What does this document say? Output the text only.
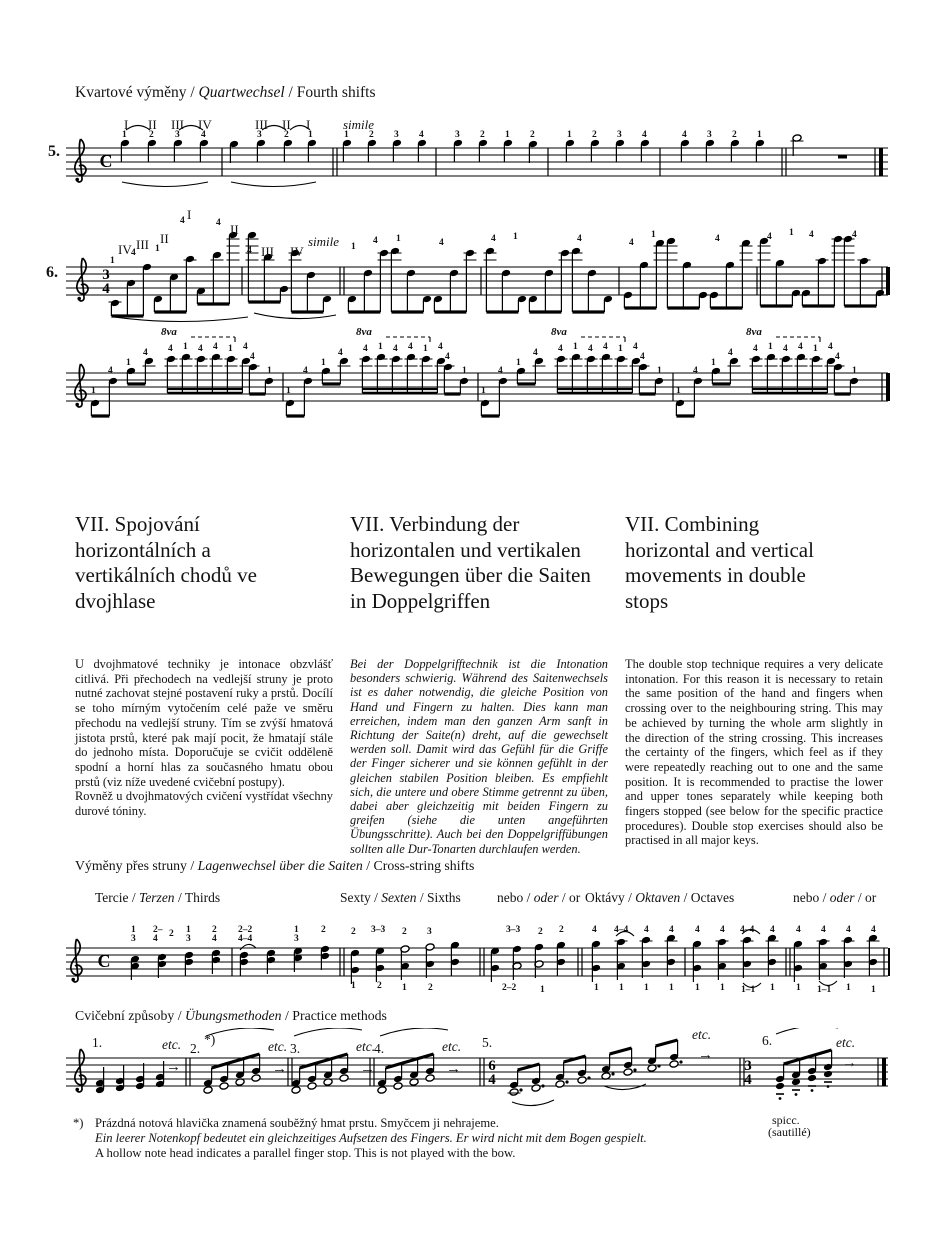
Kvartové výměny / Quartwechsel / Fourth shifts
C
5.
I II III IV	III II I	simile
1 2 3 4	3 2 1	1 2 3 4	3 2 1 2	1 2 3 4	4 3 2 1
3
4
6.
IV III II
I
1
4 1
4	4 II
4 III IV
simile 1
4 1	4	4 1	4	4
1	4	4 1 4	4
1
4
1
4 4 1 4 4 1 4
4
1
8va
1
4
1
4 4 1 4 4 1 4
4
1
8va
1
4
1
4 4 1 4 4 1 4
4
1
8va
1
4
1
4 4 1 4 4 1 4
4
1
8va
VII. Spojování horizontálních a vertikálních chodů ve dvojhlase

U dvojhmatové techniky je intonace obzvlášť citlivá. Při přechodech na vedlejší struny je proto nutné zachovat stejné postavení ruky a prstů. Docílí se toho mírným vytočením celé paže ve směru přechodu na vedlejší struny. Tím se zvýší hmatová jistota prstů, které pak mají pocit, že hmatají stále do jednoho místa. Doporučuje se cvičit odděleně spodní a horní hlas za současného hmatu obou prstů (viz níže uvedené cvičební postupy).

Rovněž u dvojhmatových cvičení vystřídat všechny durové tóniny.

VII. Verbindung der horizontalen und vertikalen Bewegungen über die Saiten in Doppelgriffen

Bei der Doppelgrifftechnik ist die Intonation besonders schwierig. Während des Saitenwechsels ist es daher notwendig, die gleiche Position von Hand und Fingern zu halten. Dies kann man erreichen, indem man den ganzen Arm sanft in Richtung der Saite(n) dreht, auf die gewechselt werden soll. Damit wird das Gefühl für die Griffe der Finger sicherer und sie können gefühlt in der gleichen stabilen Position bleiben. Es empfiehlt sich, die untere und obere Stimme getrennt zu üben, dabei aber gleichzeitig mit beiden Fingern zu greifen (siehe die unten angeführten Übungsschritte). Auch bei den Doppelgriffübungen sollten alle Dur-Tonarten durchlaufen werden.

VII. Combining horizontal and vertical movements in double stops

The double stop technique requires a very delicate intonation. For this reason it is necessary to retain the same position of the hand and fingers when crossing over to the neighbouring string. This may be achieved by turning the whole arm slightly in the direction of the string crossing. This increases the certainty of the fingers, which feel as if they were repeatedly reaching out to one and the same position. It is recommended to practise the lower and upper tones separately while keeping both fingers stopped (see below for the specific practice procedures). Double stop exercises should also be practised in all major keys.

Výměny přes struny / Lagenwechsel über die Saiten / Cross-string shifts
Tercie / Terzen / Thirds	Sexty / Sexten / Sixths	nebo / oder / or Oktávy / Oktaven / Octaves	nebo / oder / or
C
1
3
2–
4 2 1
3
2
4
2–2
4–4
1
3
2	2 3–3 2 3
1 2 1 2
3–3 2
2–2	1
2	4 4–4 4 4 4 4 4–4 4 4 4 4 4
1 1 1 1 1 1 1–1 1 1 1–1 1 1
Cvičební způsoby / Übungsmethoden / Practice methods
6
4
3
4
1.	etc.
→
2.
*)	etc.
→
3.	etc.
→
4.	etc.
→
5.
etc.
→
6.	etc.
→
spicc.
(sautillé)
*) Prázdná notová hlavička znamená souběžný hmat prstu. Smyčcem ji nehrajeme.
Ein leerer Notenkopf bedeutet ein gleichzeitiges Aufsetzen des Fingers. Er wird nicht mit dem Bogen gespielt.
A hollow note head indicates a parallel finger stop. This is not played with the bow.
